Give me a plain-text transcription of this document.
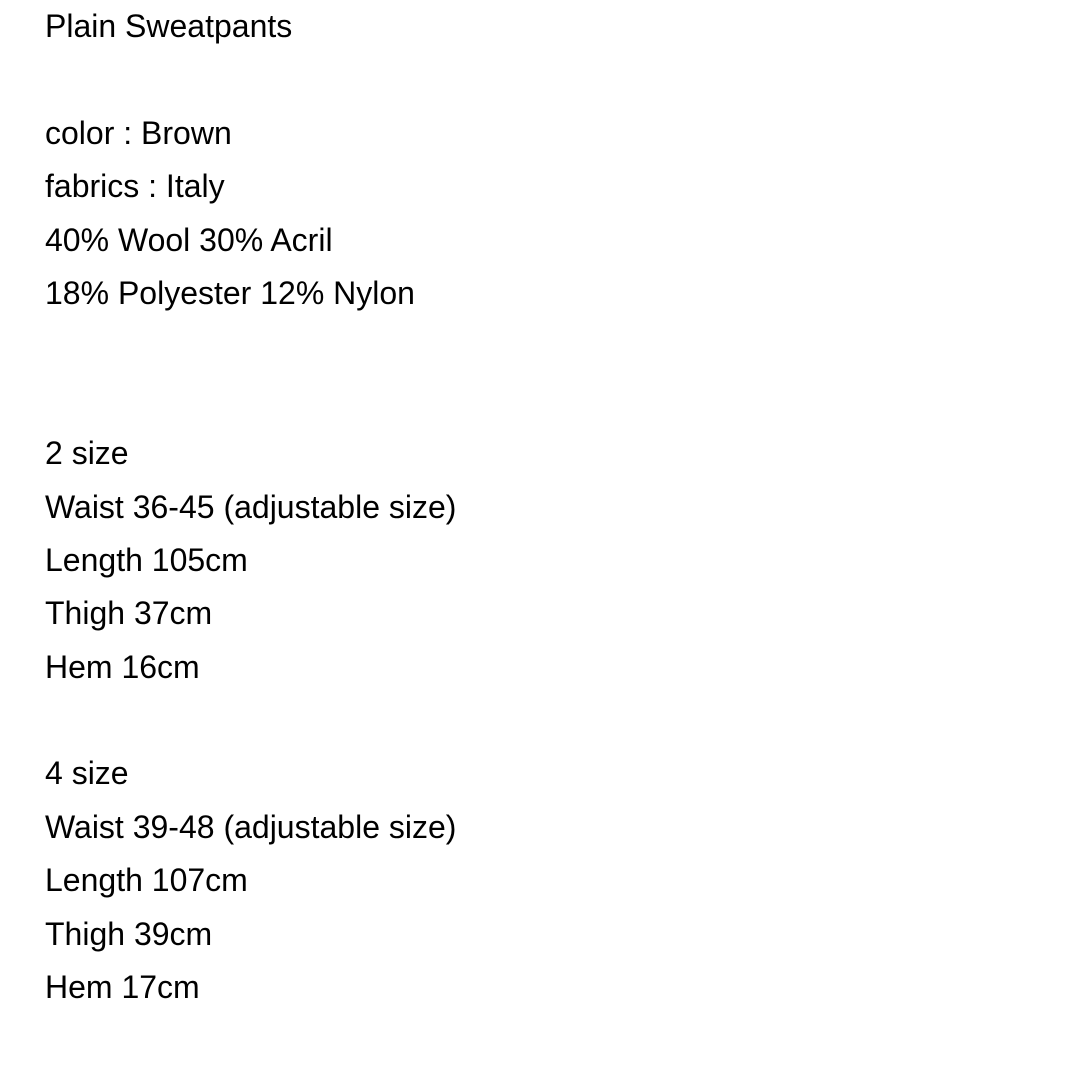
Plain Sweatpants
color : Brown
fabrics : Italy
40% Wool 30% Acril
18% Polyester 12% Nylon
2 size
Waist 36-45 (adjustable size)
Length 105cm
Thigh 37cm
Hem 16cm
4 size
Waist 39-48 (adjustable size)
Length 107cm
Thigh 39cm
Hem 17cm
